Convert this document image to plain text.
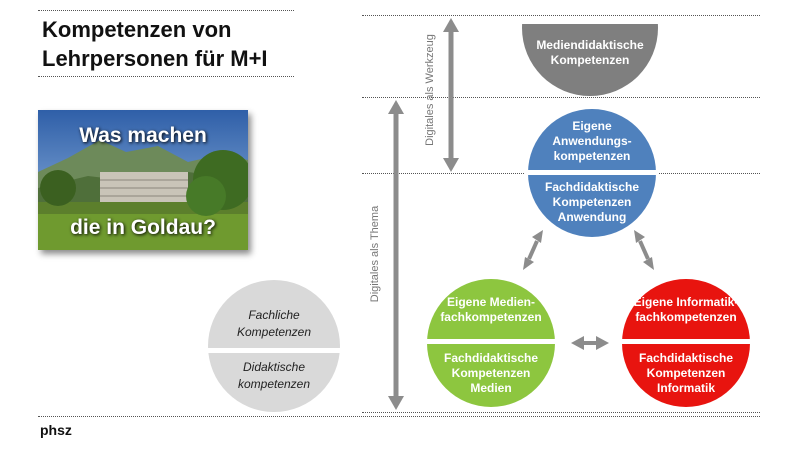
Kompetenzen von
Lehrpersonen für M+I
Was machen
die in Goldau?
phsz
Digitales als Werkzeug
Digitales als Thema
Mediendidaktische Kompetenzen
Eigene Anwendungs-kompetenzen
Fachdidaktische Kompetenzen Anwendung
Eigene Medien-fachkompetenzen
Fachdidaktische Kompetenzen Medien
Eigene Informatik-fachkompetenzen
Fachdidaktische Kompetenzen Informatik
Fachliche Kompetenzen
Didaktische kompetenzen
